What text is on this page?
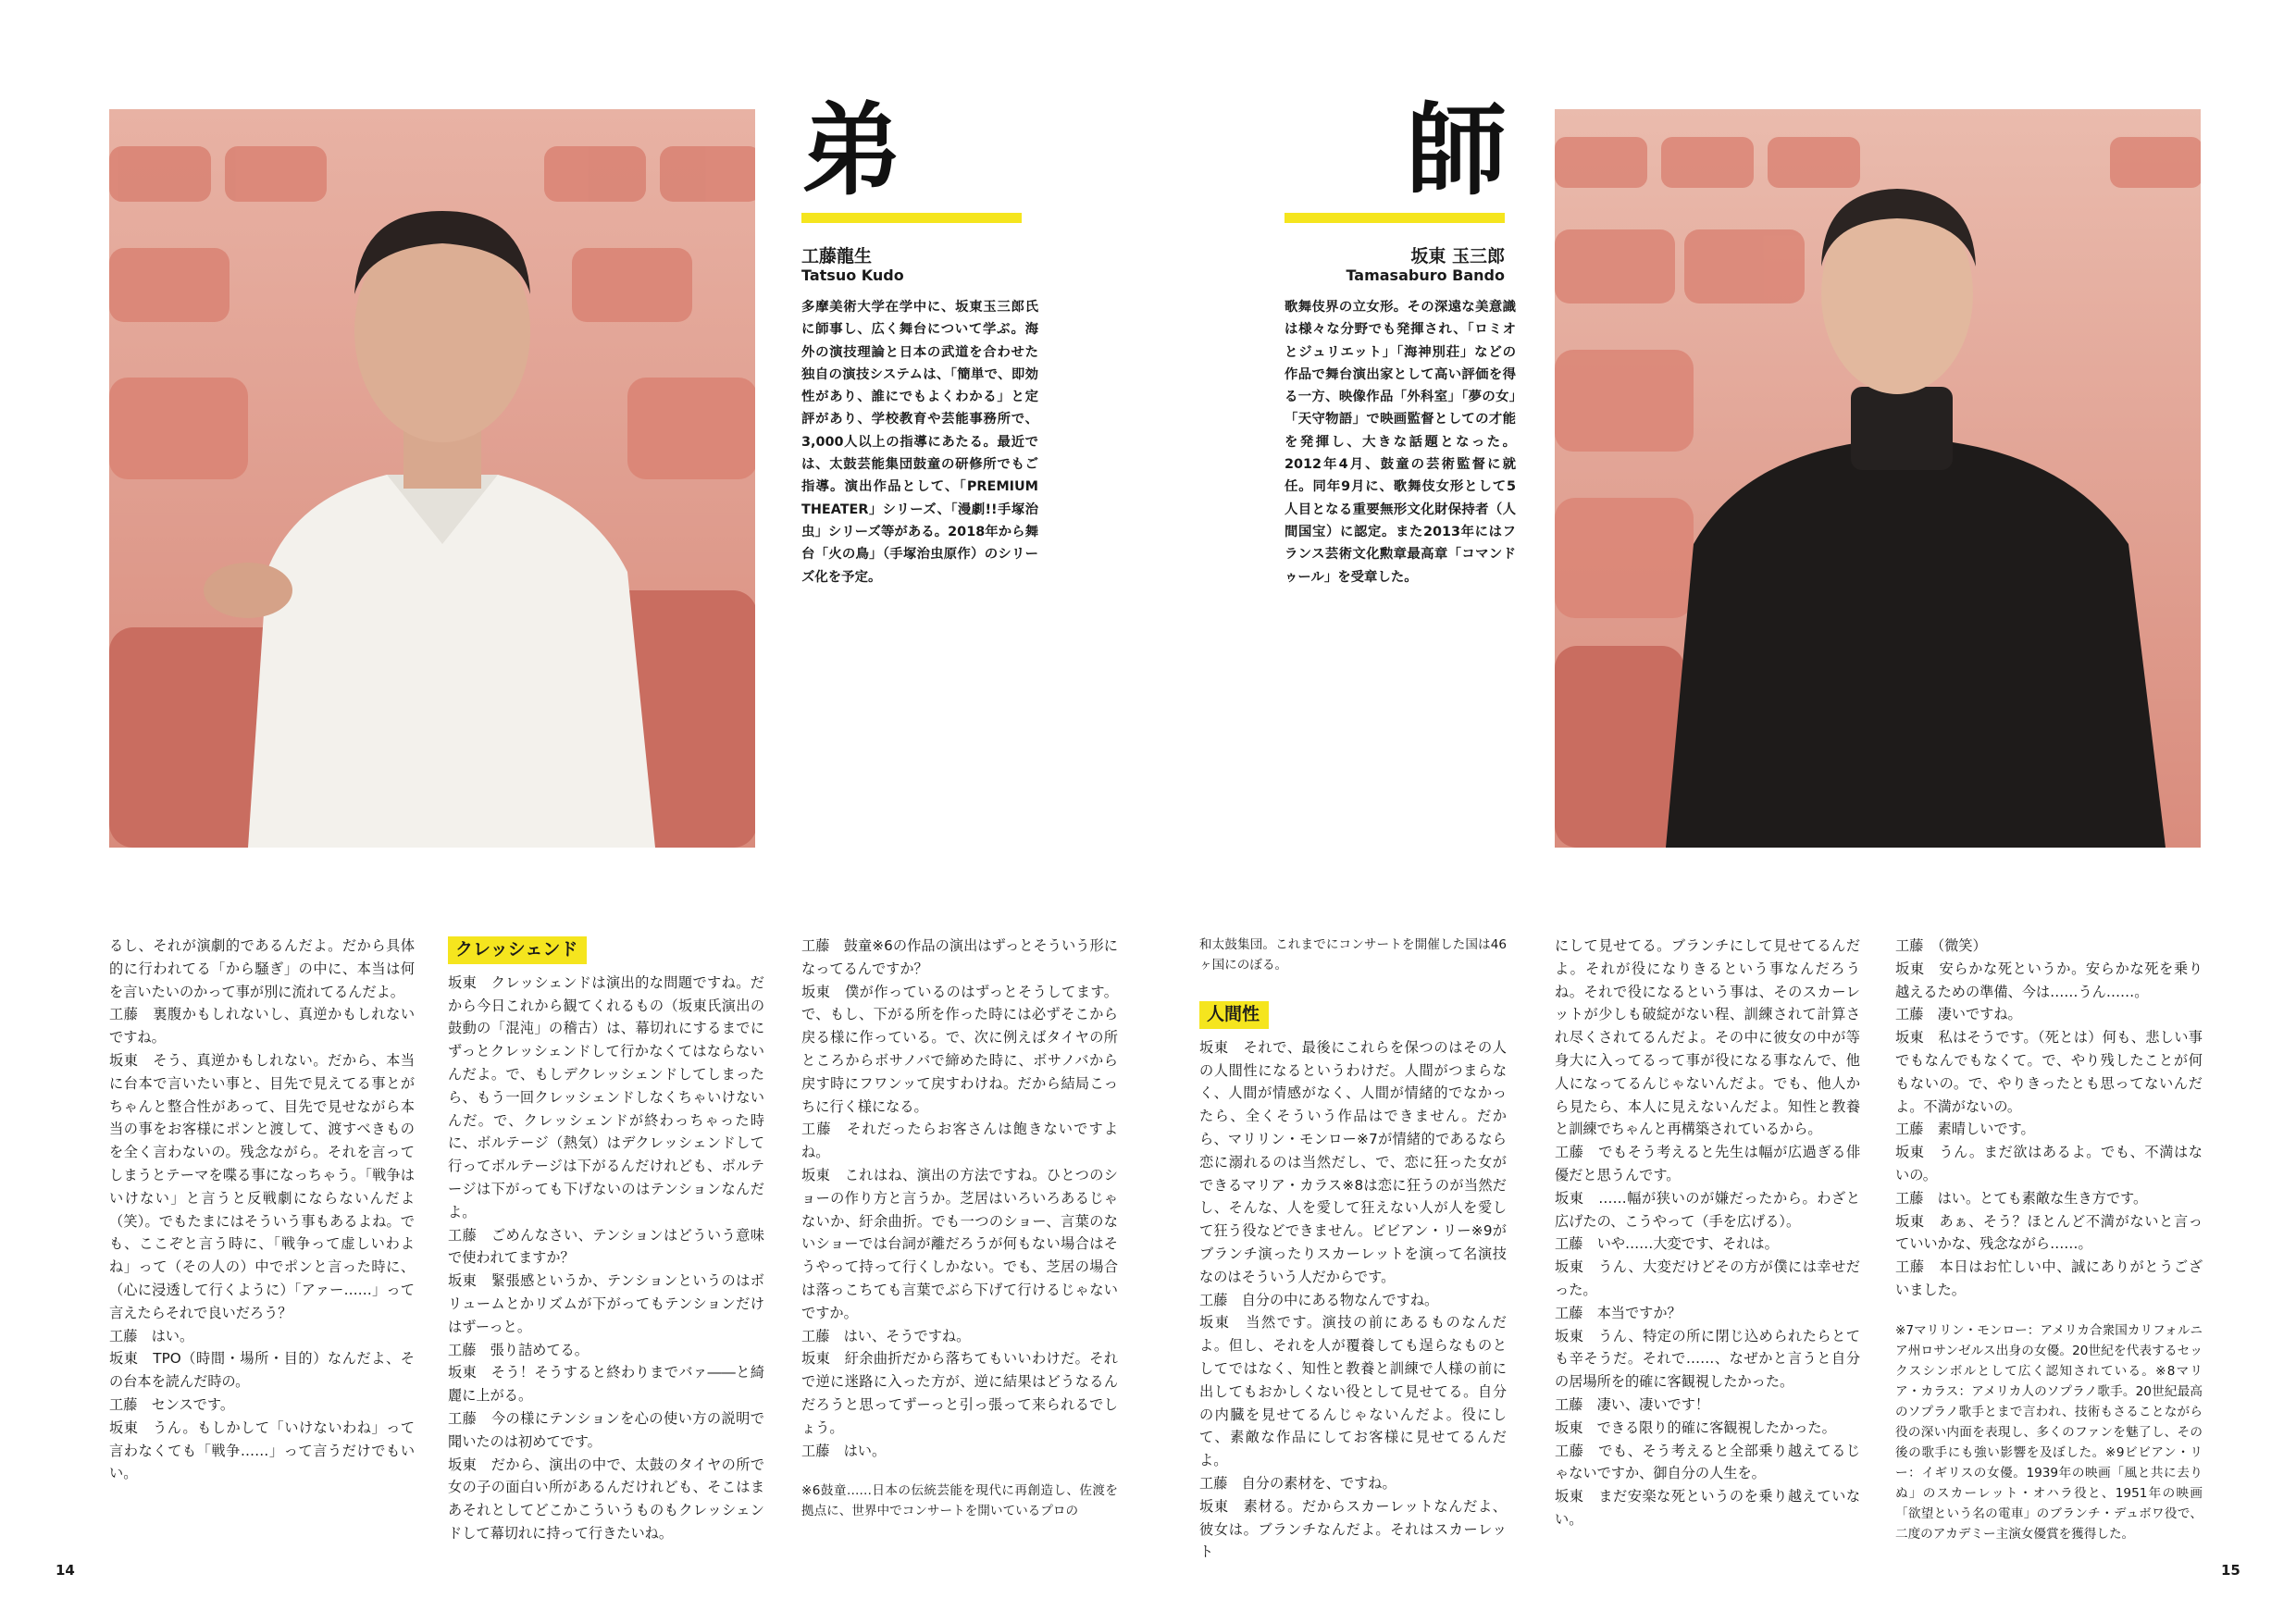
弟	師
工藤龍生
Tatsuo Kudo
坂東 玉三郎
Tamasaburo Bando

多摩美術大学在学中に、坂東玉三郎氏に師事し、広く舞台について学ぶ。海外の演技理論と日本の武道を合わせた独自の演技システムは、「簡単で、即効性があり、誰にでもよくわかる」と定評があり、学校教育や芸能事務所で、3,000人以上の指導にあたる。最近では、太鼓芸能集団鼓童の研修所でもご指導。演出作品として、「PREMIUM THEATER」シリーズ、「漫劇!!手塚治虫」シリーズ等がある。2018年から舞台「火の鳥」（手塚治虫原作）のシリーズ化を予定。

歌舞伎界の立女形。その深遠な美意識は様々な分野でも発揮され、「ロミオとジュリエット」「海神別荘」などの作品で舞台演出家として高い評価を得る一方、映像作品「外科室」「夢の女」「天守物語」で映画監督としての才能を発揮し、大きな話題となった。2012年4月、鼓童の芸術監督に就任。同年9月に、歌舞伎女形として5人目となる重要無形文化財保持者（人間国宝）に認定。また2013年にはフランス芸術文化勲章最高章「コマンドゥール」を受章した。

るし、それが演劇的であるんだよ。だから具体的に行われてる「から騒ぎ」の中に、本当は何を言いたいのかって事が別に流れてるんだよ。

工藤　裏腹かもしれないし、真逆かもしれないですね。

坂東　そう、真逆かもしれない。だから、本当に台本で言いたい事と、目先で見えてる事とがちゃんと整合性があって、目先で見せながら本当の事をお客様にポンと渡して、渡すべきものを全く言わないの。残念ながら。それを言ってしまうとテーマを喋る事になっちゃう。「戦争はいけない」と言うと反戦劇にならないんだよ（笑）。でもたまにはそういう事もあるよね。でも、ここぞと言う時に、「戦争って虚しいわよね」って（その人の）中でポンと言った時に、（心に浸透して行くように）「アァー……」って言えたらそれで良いだろう？

工藤　はい。

坂東　TPO（時間・場所・目的）なんだよ、その台本を読んだ時の。

工藤　センスです。

坂東　うん。もしかして「いけないわね」って言わなくても「戦争……」って言うだけでもいい。

クレッシェンド

坂東　クレッシェンドは演出的な問題ですね。だから今日これから観てくれるもの（坂東氏演出の鼓動の「混沌」の稽古）は、幕切れにするまでにずっとクレッシェンドして行かなくてはならないんだよ。で、もしデクレッシェンドしてしまったら、もう一回クレッシェンドしなくちゃいけないんだ。で、クレッシェンドが終わっちゃった時に、ボルテージ（熱気）はデクレッシェンドして行ってボルテージは下がるんだけれども、ボルテージは下がっても下げないのはテンションなんだよ。

工藤　ごめんなさい、テンションはどういう意味で使われてますか？

坂東　緊張感というか、テンションというのはボリュームとかリズムが下がってもテンションだけはずーっと。

工藤　張り詰めてる。

坂東　そう！そうすると終わりまでバァ――と綺麗に上がる。

工藤　今の様にテンションを心の使い方の説明で聞いたのは初めてです。

坂東　だから、演出の中で、太鼓のタイヤの所で女の子の面白い所があるんだけれども、そこはまあそれとしてどこかこういうものもクレッシェンドして幕切れに持って行きたいね。

工藤　鼓童※6の作品の演出はずっとそういう形になってるんですか？

坂東　僕が作っているのはずっとそうしてます。で、もし、下がる所を作った時には必ずそこから戻る様に作っている。で、次に例えばタイヤの所ところからボサノバで締めた時に、ボサノバから戻す時にフワンッて戻すわけね。だから結局こっちに行く様になる。

工藤　それだったらお客さんは飽きないですよね。

坂東　これはね、演出の方法ですね。ひとつのショーの作り方と言うか。芝居はいろいろあるじゃないか、紆余曲折。でも一つのショー、言葉のないショーでは台詞が離だろうが何もない場合はそうやって持って行くしかない。でも、芝居の場合は落っこちても言葉でぶら下げて行けるじゃないですか。

工藤　はい、そうですね。

坂東　紆余曲折だから落ちてもいいわけだ。それで逆に迷路に入った方が、逆に結果はどうなるんだろうと思ってずーっと引っ張って来られるでしょう。

工藤　はい。

※6鼓童……日本の伝統芸能を現代に再創造し、佐渡を拠点に、世界中でコンサートを開いているプロの

和太鼓集団。これまでにコンサートを開催した国は46ヶ国にのぼる。

人間性

坂東　それで、最後にこれらを保つのはその人の人間性になるというわけだ。人間がつまらなく、人間が情感がなく、人間が情緒的でなかったら、全くそういう作品はできません。だから、マリリン・モンロー※7が情緒的であるなら恋に溺れるのは当然だし、で、恋に狂った女ができるマリア・カラス※8は恋に狂うのが当然だし、そんな、人を愛して狂えない人が人を愛して狂う役などできません。ビビアン・リー※9がブランチ演ったりスカーレットを演って名演技なのはそういう人だからです。

工藤　自分の中にある物なんですね。

坂東　当然です。演技の前にあるものなんだよ。但し、それを人が覆養しても逞らなものとしてではなく、知性と教養と訓練で人様の前に出してもおかしくない役として見せてる。自分の内臓を見せてるんじゃないんだよ。役にして、素敵な作品にしてお客様に見せてるんだよ。

工藤　自分の素材を、ですね。

坂東　素材る。だからスカーレットなんだよ、彼女は。ブランチなんだよ。それはスカーレット

にして見せてる。ブランチにして見せてるんだよ。それが役になりきるという事なんだろうね。それで役になるという事は、そのスカーレットが少しも破綻がない程、訓練されて計算され尽くされてるんだよ。その中に彼女の中が等身大に入ってるって事が役になる事なんで、他人になってるんじゃないんだよ。でも、他人から見たら、本人に見えないんだよ。知性と教養と訓練でちゃんと再構築されているから。

工藤　でもそう考えると先生は幅が広過ぎる俳優だと思うんです。

坂東　……幅が狭いのが嫌だったから。わざと広げたの、こうやって（手を広げる）。

工藤　いや……大変です、それは。

坂東　うん、大変だけどその方が僕には幸せだった。

工藤　本当ですか？

坂東　うん、特定の所に閉じ込められたらとても辛そうだ。それで……、なぜかと言うと自分の居場所を的確に客観視したかった。

工藤　凄い、凄いです！

坂東　できる限り的確に客観視したかった。

工藤　でも、そう考えると全部乗り越えてるじゃないですか、御自分の人生を。

坂東　まだ安楽な死というのを乗り越えていない。

工藤　（微笑）

坂東　安らかな死というか。安らかな死を乗り越えるための準備、今は……うん……。

工藤　凄いですね。

坂東　私はそうです。（死とは）何も、悲しい事でもなんでもなくて。で、やり残したことが何もないの。で、やりきったとも思ってないんだよ。不満がないの。

工藤　素晴しいです。

坂東　うん。まだ欲はあるよ。でも、不満はないの。

工藤　はい。とても素敵な生き方です。

坂東　あぁ、そう？ほとんど不満がないと言っていいかな、残念ながら……。

工藤　本日はお忙しい中、誠にありがとうございました。

※7マリリン・モンロー：アメリカ合衆国カリフォルニア州ロサンゼルス出身の女優。20世紀を代表するセックスシンボルとして広く認知されている。※8マリア・カラス：アメリカ人のソプラノ歌手。20世紀最高のソプラノ歌手とまで言われ、技術もさることながら役の深い内面を表現し、多くのファンを魅了し、その後の歌手にも強い影響を及ぼした。※9ビビアン・リー：イギリスの女優。1939年の映画「風と共に去りぬ」のスカーレット・オハラ役と、1951年の映画「欲望という名の電車」のブランチ・デュボワ役で、二度のアカデミー主演女優賞を獲得した。

14	15
